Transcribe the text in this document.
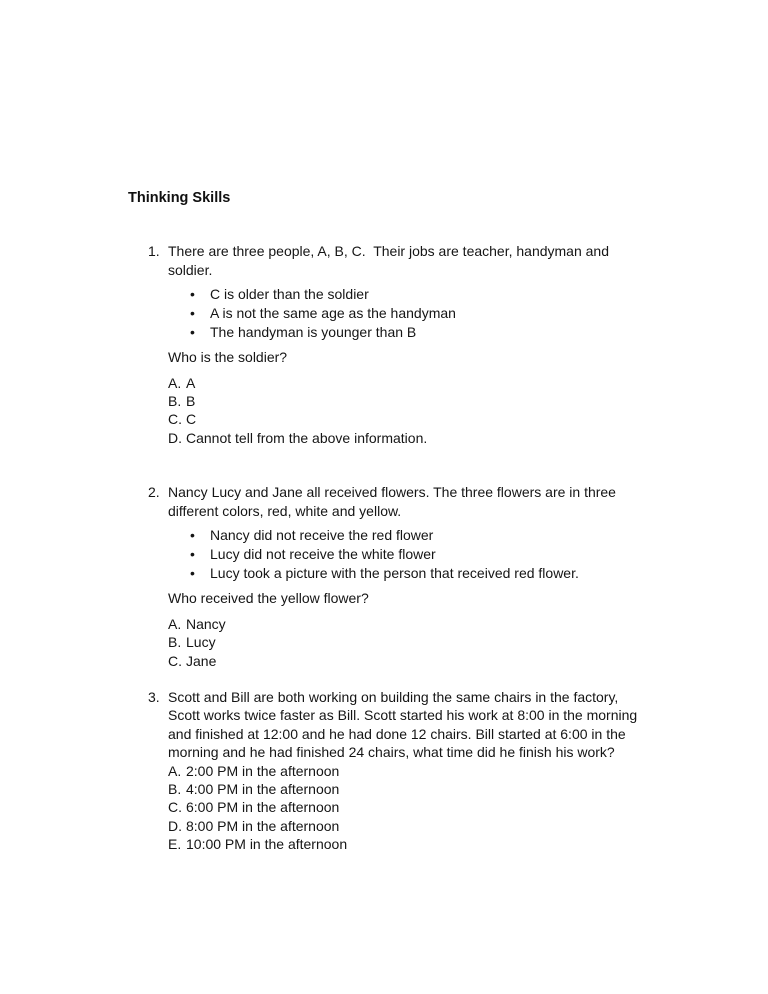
Thinking Skills
1. There are three people, A, B, C.  Their jobs are teacher, handyman and soldier.

•	C is older than the soldier
•	A is not the same age as the handyman
•	The handyman is younger than B

Who is the soldier?

A. A
B. B
C. C
D. Cannot tell from the above information.
2. Nancy Lucy and Jane all received flowers. The three flowers are in three different colors, red, white and yellow.

•	Nancy did not receive the red flower
•	Lucy did not receive the white flower
•	Lucy took a picture with the person that received red flower.

Who received the yellow flower?

A. Nancy
B. Lucy
C. Jane
3. Scott and Bill are both working on building the same chairs in the factory, Scott works twice faster as Bill. Scott started his work at 8:00 in the morning and finished at 12:00 and he had done 12 chairs. Bill started at 6:00 in the morning and he had finished 24 chairs, what time did he finish his work?

A. 2:00 PM in the afternoon
B. 4:00 PM in the afternoon
C. 6:00 PM in the afternoon
D. 8:00 PM in the afternoon
E. 10:00 PM in the afternoon
